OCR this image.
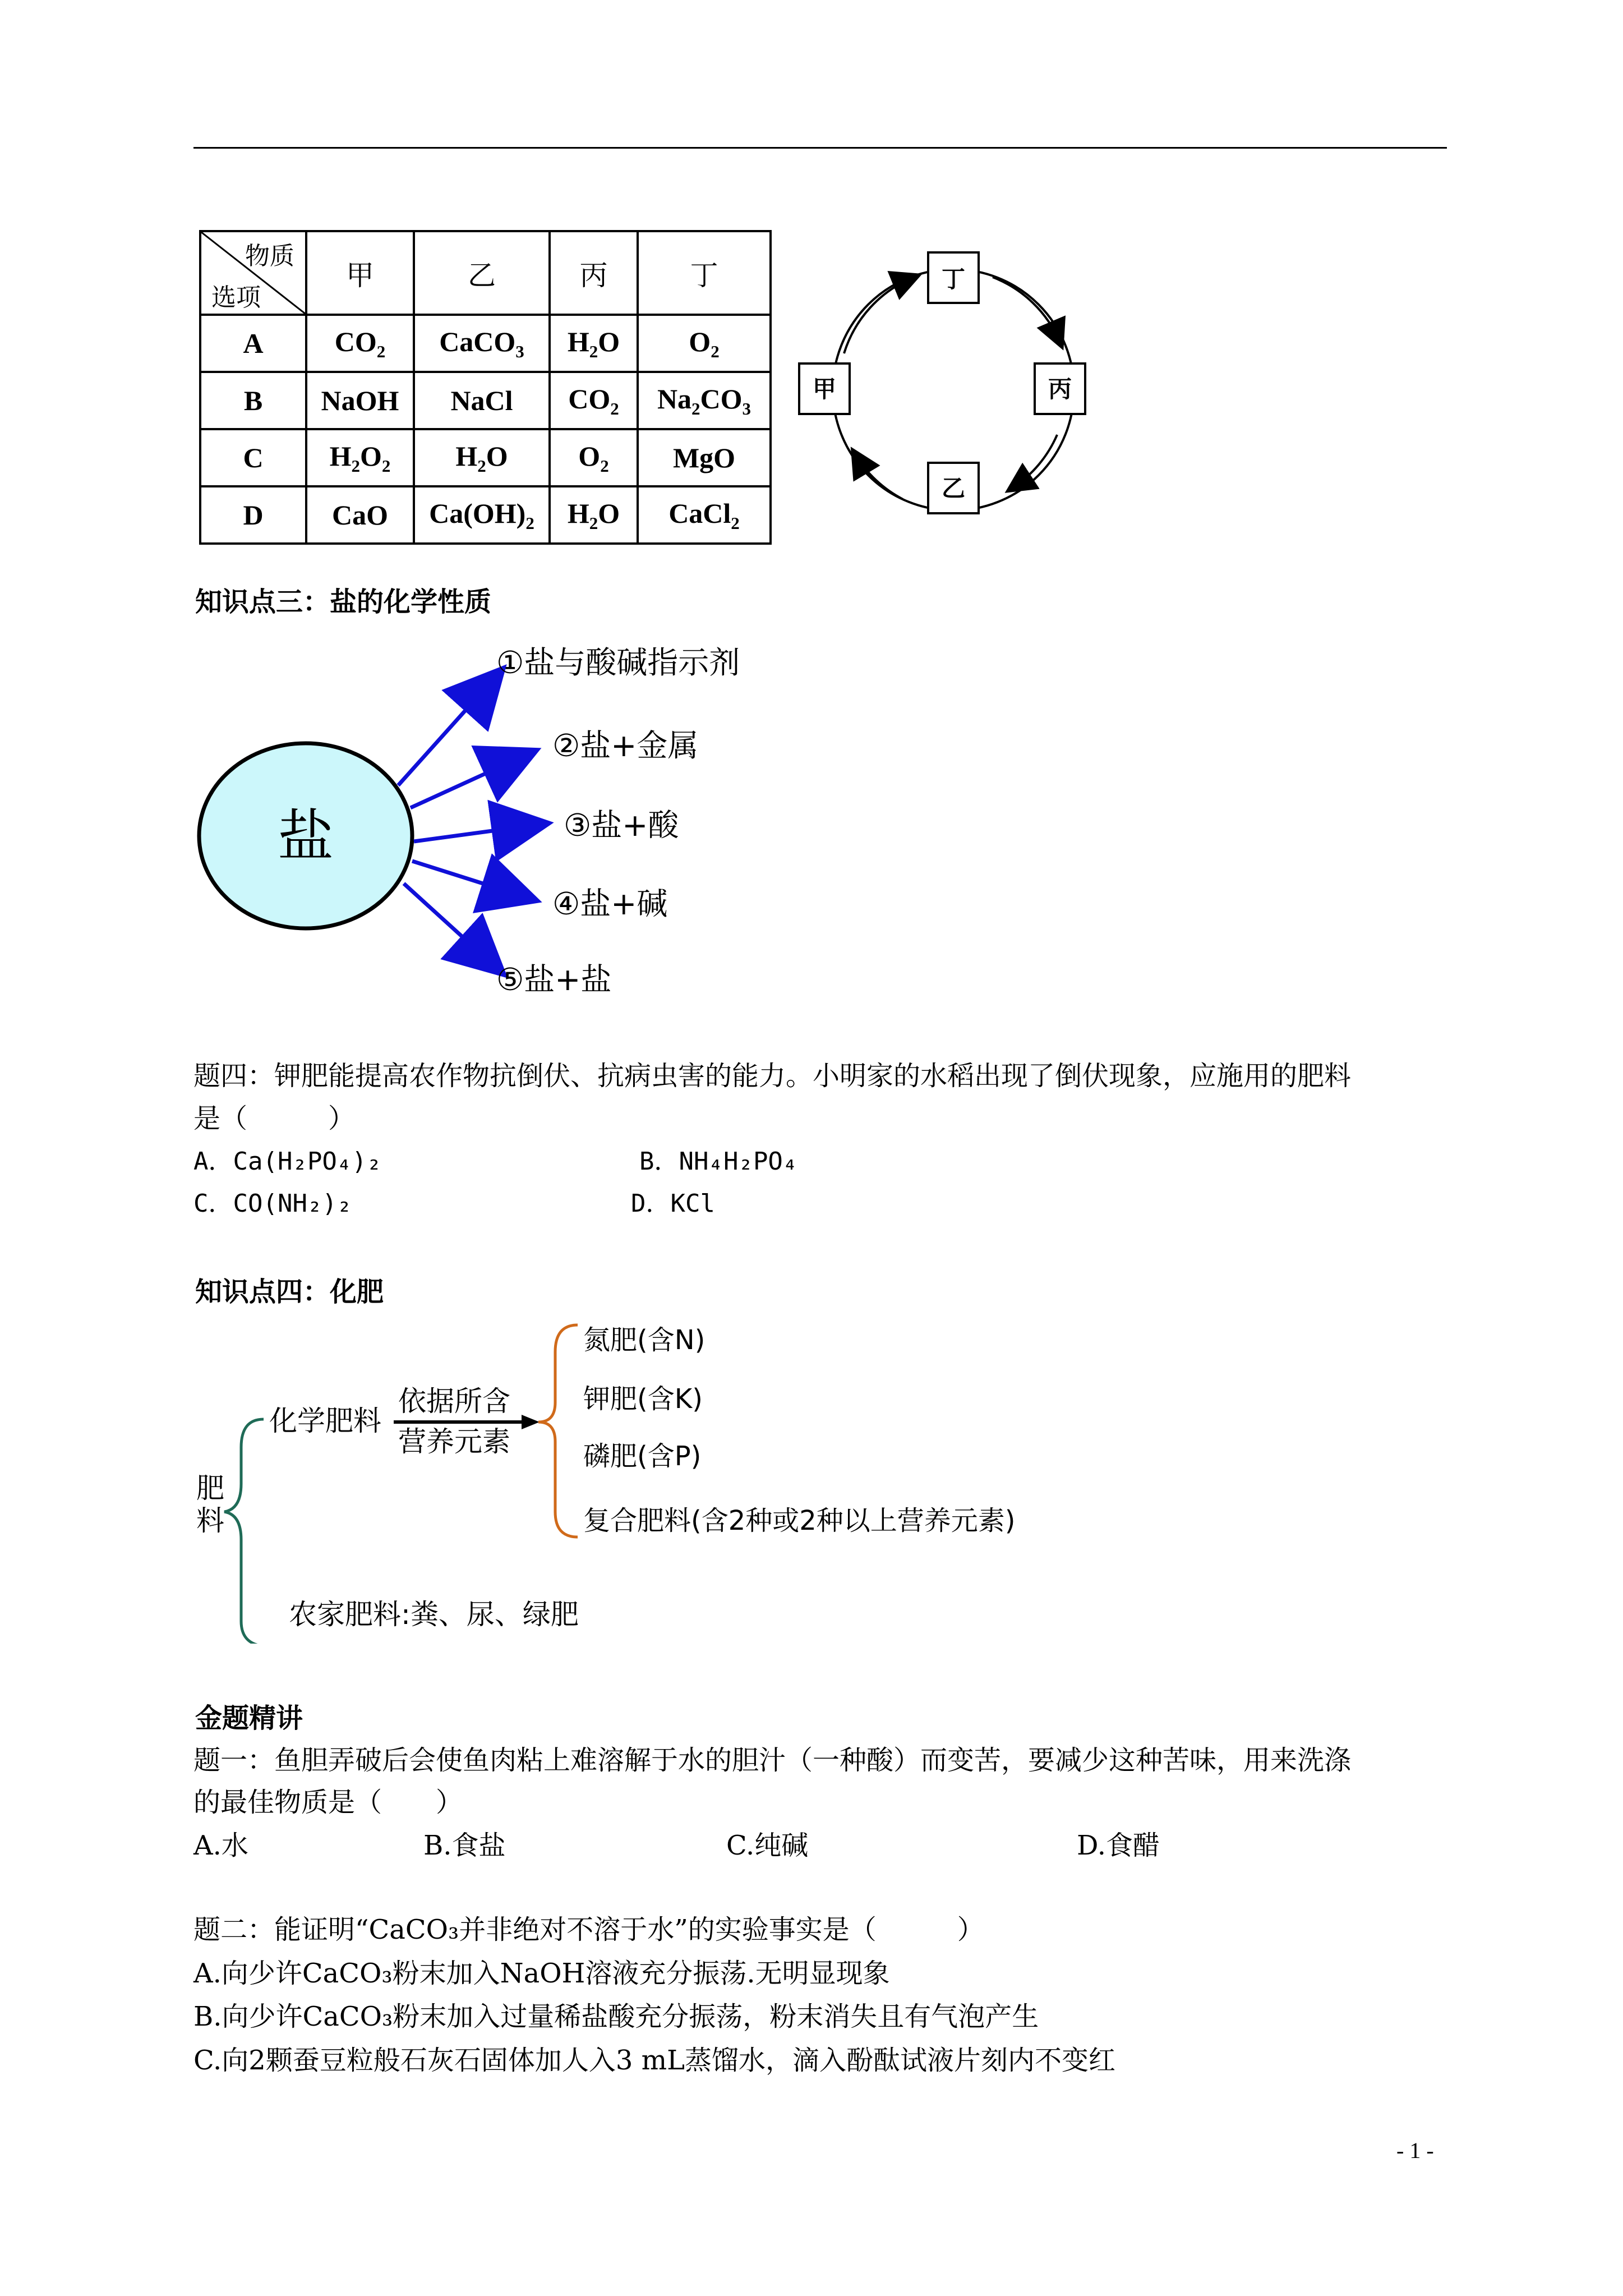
物质
选项	甲	乙	丙	丁
A	$CO_2$	CaCO$_3$	$H_2O$	$O_2$
B	NaOH	NaCl	$CO_2$	$Na_2CO_3$
C	$H_2O_2$	$H_2O$	$O_2$	MgO
D	CaO	$Ca(OH)_2$	$H_2O$	CaCl$_2$
丁
甲	丙
乙
知识点三：盐的化学性质
盐
①盐与酸碱指示剂
②盐+金属
③盐+酸
④盐+碱
⑤盐+盐
题四：钾肥能提高农作物抗倒伏、抗病虫害的能力。小明家的水稻出现了倒伏现象，应施用的肥料
是（　　　）
A．Ca(H₂PO₄)₂	B．NH₄H₂PO₄
C．CO(NH₂)₂	D．KCl
知识点四：化肥
肥
料
化学肥料
依据所含
营养元素
氮肥(含N)
钾肥(含K)
磷肥(含P)
复合肥料(含2种或2种以上营养元素)
农家肥料:粪、尿、绿肥
金题精讲
题一：鱼胆弄破后会使鱼肉粘上难溶解于水的胆汁（一种酸）而变苦，要减少这种苦味，用来洗涤
的最佳物质是（　　）
A.水	B.食盐	C.纯碱	D.食醋
题二：能证明“CaCO₃并非绝对不溶于水”的实验事实是（　　　）
A.向少许CaCO₃粉末加入NaOH溶液充分振荡.无明显现象
B.向少许CaCO₃粉末加入过量稀盐酸充分振荡，粉末消失且有气泡产生
C.向2颗蚕豆粒般石灰石固体加人入3 mL蒸馏水，滴入酚酞试液片刻内不变红
- 1 -
